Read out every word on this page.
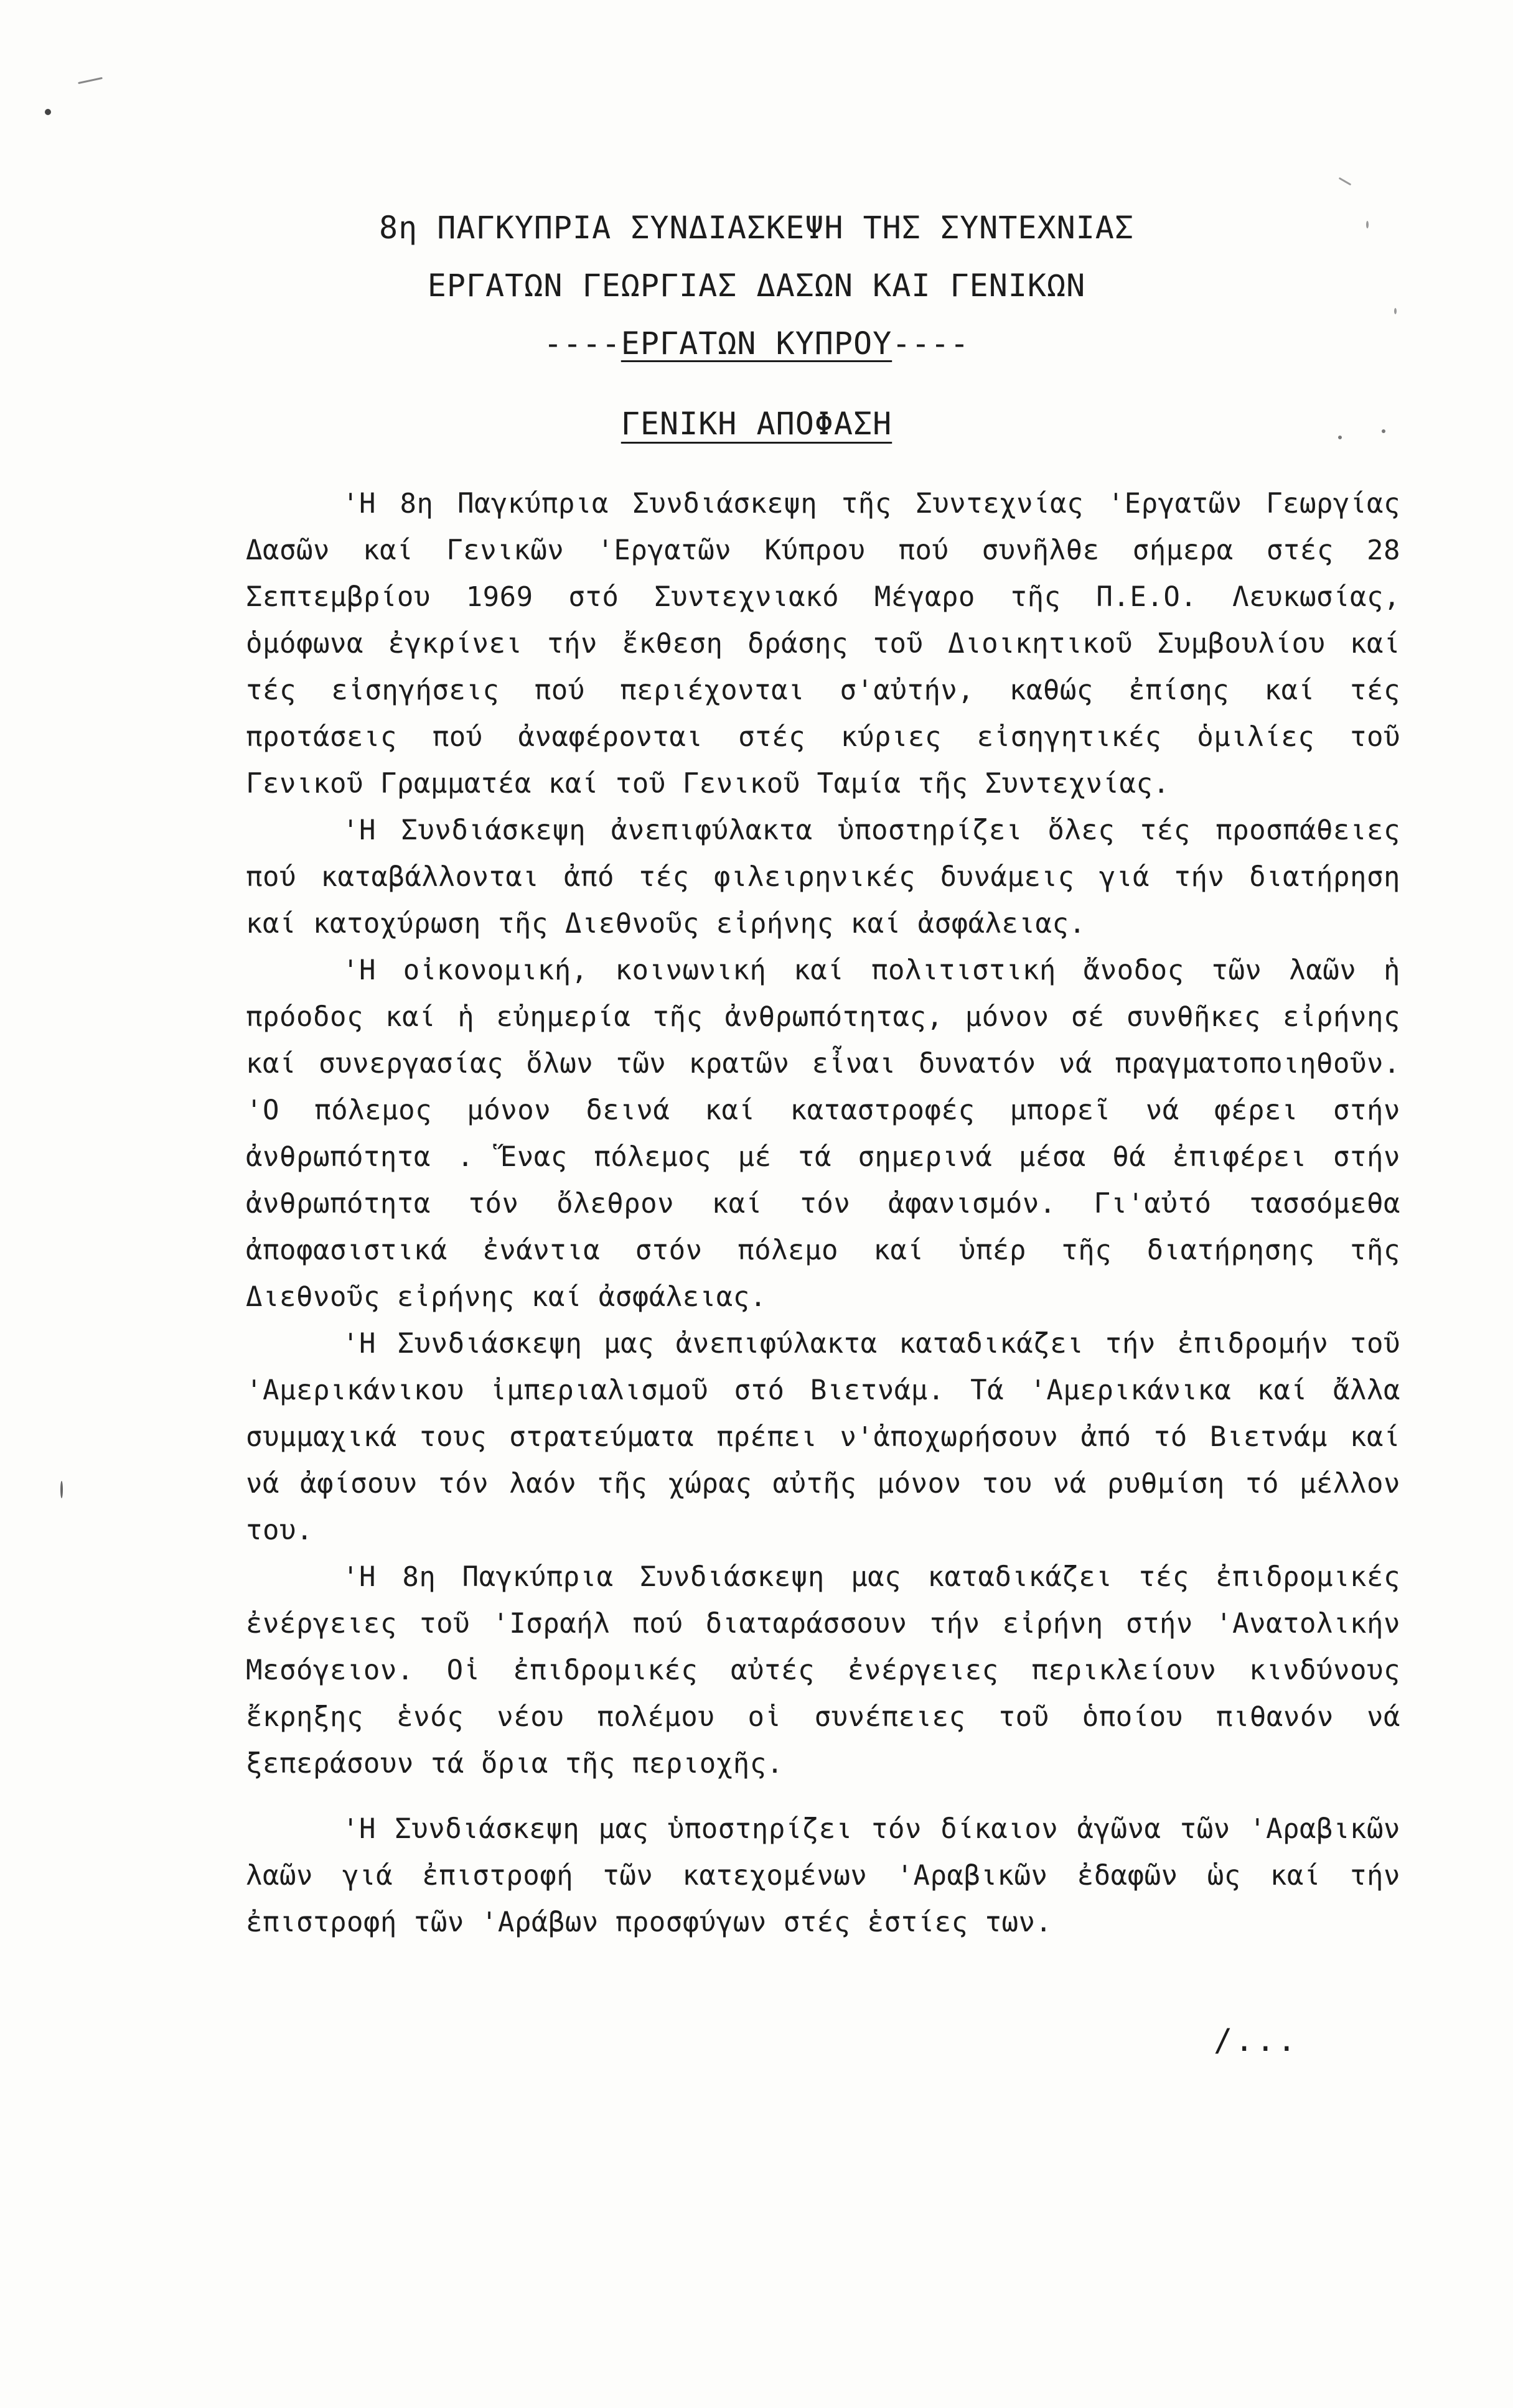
8η ΠΑΓΚΥΠΡΙΑ ΣΥΝΔΙΑΣΚΕΨΗ ΤΗΣ ΣΥΝΤΕΧΝΙΑΣ
ΕΡΓΑΤΩΝ ΓΕΩΡΓΙΑΣ ΔΑΣΩΝ ΚΑΙ ΓΕΝΙΚΩΝ
---- ΕΡΓΑΤΩΝ ΚΥΠΡΟΥ ----
ΓΕΝΙΚΗ ΑΠΟΦΑΣΗ

'Η 8η Παγκύπρια Συνδιάσκεψη τῆς Συντεχνίας 'Εργατῶν Γεωργίας Δασῶν καί Γενικῶν 'Εργατῶν Κύπρου πού συνῆλθε σήμερα στές 28 Σεπτεμβρίου 1969 στό Συντεχνιακό Μέγαρο τῆς Π.Ε.Ο. Λευκωσίας, ὁμόφωνα ἐγκρίνει τήν ἔκθεση δράσης τοῦ Διοικητικοῦ Συμβουλίου καί τές εἰσηγήσεις πού περιέχονται σ'αὐτήν, καθώς ἐπίσης καί τές προτάσεις πού ἀναφέρονται στές κύριες εἰσηγητικές ὁμιλίες τοῦ Γενικοῦ Γραμματέα καί τοῦ Γενικοῦ Ταμία τῆς Συντεχνίας.

'Η Συνδιάσκεψη ἀνεπιφύλακτα ὑποστηρίζει ὅλες τές προσπάθειες πού καταβάλλονται ἀπό τές φιλειρηνικές δυνάμεις γιά τήν διατήρηση καί κατοχύρωση τῆς Διεθνοῦς εἰρήνης καί ἀσφάλειας.

'Η οἰκονομική, κοινωνική καί πολιτιστική ἄνοδος τῶν λαῶν ἡ πρόοδος καί ἡ εὐημερία τῆς ἀνθρωπότητας, μόνον σέ συνθῆκες εἰρήνης καί συνεργασίας ὅλων τῶν κρατῶν εἶναι δυνατόν νά πραγματοποιηθοῦν. 'Ο πόλεμος μόνον δεινά καί καταστροφές μπορεῖ νά φέρει στήν ἀνθρωπότητα . Ἕνας πόλεμος μέ τά σημερινά μέσα θά ἐπιφέρει στήν ἀνθρωπότητα τόν ὄλεθρον καί τόν ἀφανισμόν. Γι'αὐτό τασσόμεθα ἀποφασιστικά ἐνάντια στόν πόλεμο καί ὑπέρ τῆς διατήρησης τῆς Διεθνοῦς εἰρήνης καί ἀσφάλειας.

'Η Συνδιάσκεψη μας ἀνεπιφύλακτα καταδικάζει τήν ἐπιδρομήν τοῦ 'Αμερικάνικου ἰμπεριαλισμοῦ στό Βιετνάμ. Τά 'Αμερικάνικα καί ἄλλα συμμαχικά τους στρατεύματα πρέπει ν'ἀποχωρήσουν ἀπό τό Βιετνάμ καί νά ἀφίσουν τόν λαόν τῆς χώρας αὐτῆς μόνον του νά ρυθμίση τό μέλλον του.

'Η 8η Παγκύπρια Συνδιάσκεψη μας καταδικάζει τές ἐπιδρομικές ἐνέργειες τοῦ 'Ισραήλ πού διαταράσσουν τήν εἰρήνη στήν 'Ανατολικήν Μεσόγειον. Οἱ ἐπιδρομικές αὐτές ἐνέργειες περικλείουν κινδύνους ἔκρηξης ἑνός νέου πολέμου οἱ συνέπειες τοῦ ὁποίου πιθανόν νά ξεπεράσουν τά ὅρια τῆς περιοχῆς.

'Η Συνδιάσκεψη μας ὑποστηρίζει τόν δίκαιον ἀγῶνα τῶν 'Αραβικῶν λαῶν γιά ἐπιστροφή τῶν κατεχομένων 'Αραβικῶν ἐδαφῶν ὡς καί τήν ἐπιστροφή τῶν 'Αράβων προσφύγων στές ἑστίες των.

/...
